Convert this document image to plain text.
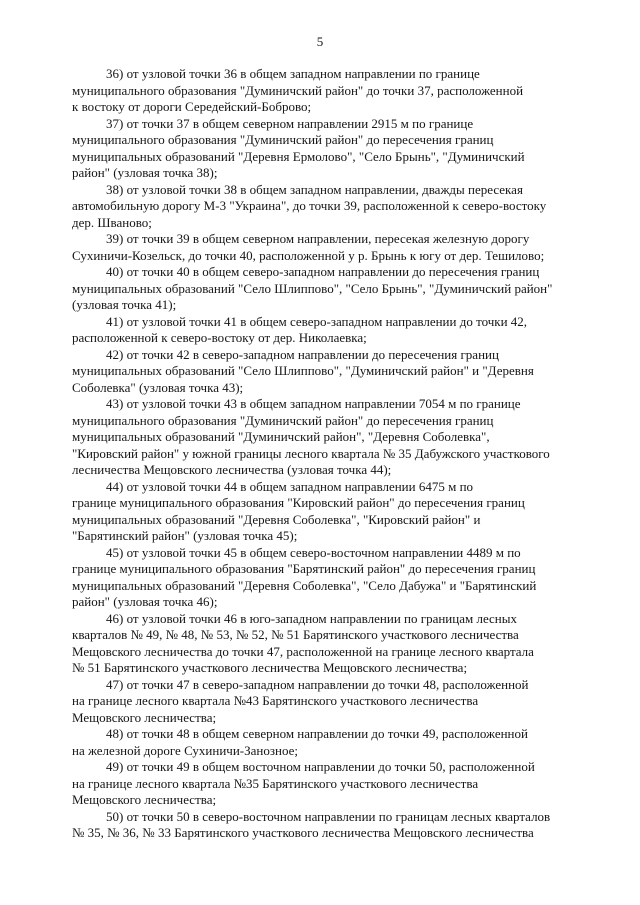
5

36) от узловой точки 36 в общем западном направлении по границе
муниципального образования "Думиничский район" до точки 37, расположенной
к востоку от дороги Середейский-Боброво;

37) от точки 37 в общем северном направлении 2915 м по границе
муниципального образования "Думиничский район" до пересечения границ
муниципальных образований "Деревня Ермолово", "Село Брынь", "Думиничский
район" (узловая точка 38);

38) от узловой точки 38 в общем западном направлении, дважды пересекая
автомобильную дорогу М-3 "Украина", до точки 39, расположенной к северо-востоку
дер. Шваново;

39) от точки 39 в общем северном направлении, пересекая железную дорогу
Сухиничи-Козельск, до точки 40, расположенной у р. Брынь к югу от дер. Тешилово;

40) от точки 40 в общем северо-западном направлении до пересечения границ
муниципальных образований "Село Шлиппово", "Село Брынь", "Думиничский район"
(узловая точка 41);

41) от узловой точки 41 в общем северо-западном направлении до точки 42,
расположенной к северо-востоку от дер. Николаевка;

42) от точки 42 в северо-западном направлении до пересечения границ
муниципальных образований "Село Шлиппово", "Думиничский район" и "Деревня
Соболевка" (узловая точка 43);

43) от узловой точки 43 в общем западном направлении 7054 м по границе
муниципального образования "Думиничский район" до пересечения границ
муниципальных образований "Думиничский район", "Деревня Соболевка",
"Кировский район" у южной границы лесного квартала № 35 Дабужского участкового
лесничества Мещовского лесничества (узловая точка 44);

44) от узловой точки 44 в общем западном направлении 6475 м по
границе муниципального образования "Кировский район" до пересечения границ
муниципальных образований "Деревня Соболевка", "Кировский район" и
"Барятинский район" (узловая точка 45);

45) от узловой точки 45 в общем северо-восточном направлении 4489 м по
границе муниципального образования "Барятинский район" до пересечения границ
муниципальных образований "Деревня Соболевка", "Село Дабужа" и "Барятинский
район" (узловая точка 46);

46) от узловой точки 46 в юго-западном направлении по границам лесных
кварталов № 49, № 48, № 53, № 52, № 51 Барятинского участкового лесничества
Мещовского лесничества до точки 47, расположенной на границе лесного квартала
№ 51 Барятинского участкового лесничества Мещовского лесничества;

47) от точки 47 в северо-западном направлении до точки 48, расположенной
на границе лесного квартала №43 Барятинского участкового лесничества
Мещовского лесничества;

48) от точки 48 в общем северном направлении до точки 49, расположенной
на железной дороге Сухиничи-Занозное;

49) от точки 49 в общем восточном направлении до точки 50, расположенной
на границе лесного квартала №35 Барятинского участкового лесничества
Мещовского лесничества;

50) от точки 50 в северо-восточном направлении по границам лесных кварталов
№ 35, № 36, № 33 Барятинского участкового лесничества Мещовского лесничества
